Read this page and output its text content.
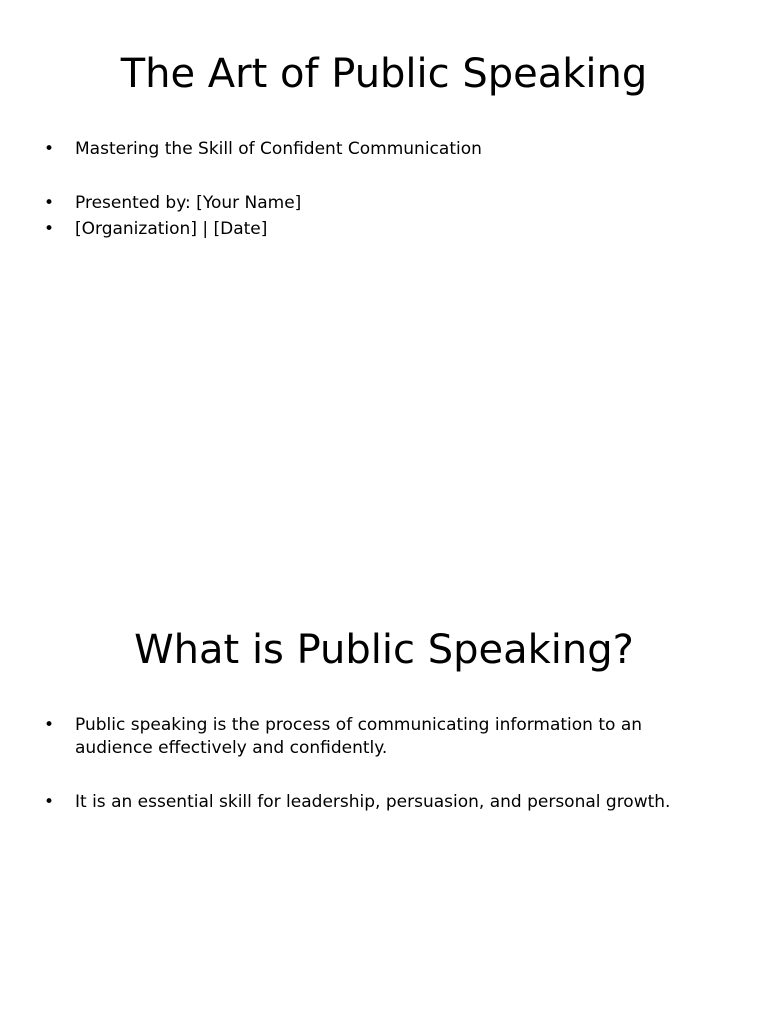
The Art of Public Speaking
• Mastering the Skill of Confident Communication
• Presented by: [Your Name]
• [Organization] | [Date]
What is Public Speaking?
• Public speaking is the process of communicating information to an audience effectively and confidently.
• It is an essential skill for leadership, persuasion, and personal growth.
